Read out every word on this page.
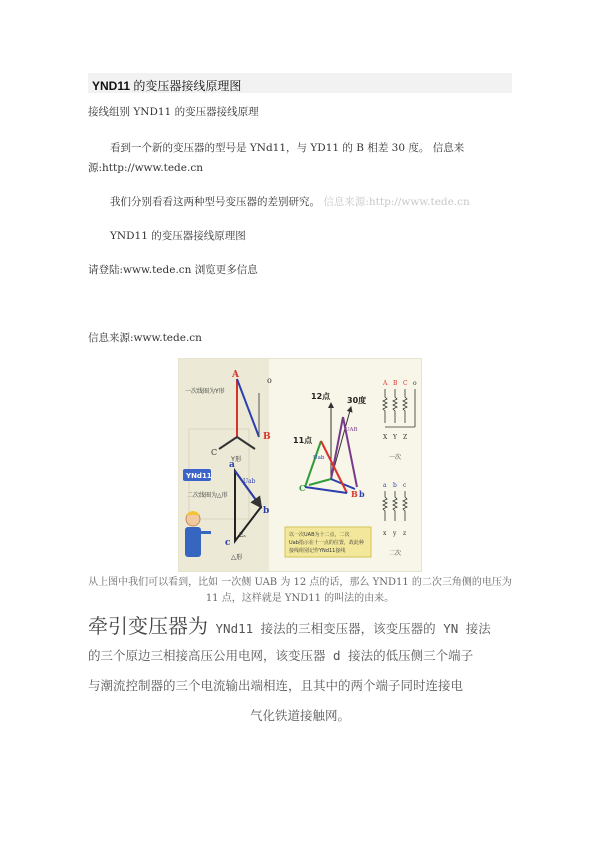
YND11 的变压器接线原理图
接线组别 YND11 的变压器接线原理
看到一个新的变压器的型号是 YNd11，与 YD11 的 B 相差 30 度。 信息来
源:http://www.tede.cn
我们分别看看这两种型号变压器的差别研究。 信息来源:http://www.tede.cn
YND11 的变压器接线原理图
请登陆:www.tede.cn 浏览更多信息
信息来源:www.tede.cn
一次线圈为Y形
A
B
o
C
Y形
YNd11
二次线圈为△形
a
b
c
Uab
Eₐ
△形
12点 30度
11点
UAB
Uab
C
B b
以一次UAB为十二点，二次
Uab指示在十一点的位置，故此种
接线组别记作YNd11接线
A B C o
X Y Z
一次
a b c
x y z
二次
从上图中我们可以看到，比如 一次侧 UAB 为 12 点的话，那么 YND11 的二次三角侧的电压为
11 点，这样就是 YND11 的叫法的由来。
牵引变压器为 YNd11 接法的三相变压器，该变压器的 YN 接法
的三个原边三相接高压公用电网，该变压器 d 接法的低压侧三个端子
与潮流控制器的三个电流输出端相连，且其中的两个端子同时连接电
气化铁道接触网。
